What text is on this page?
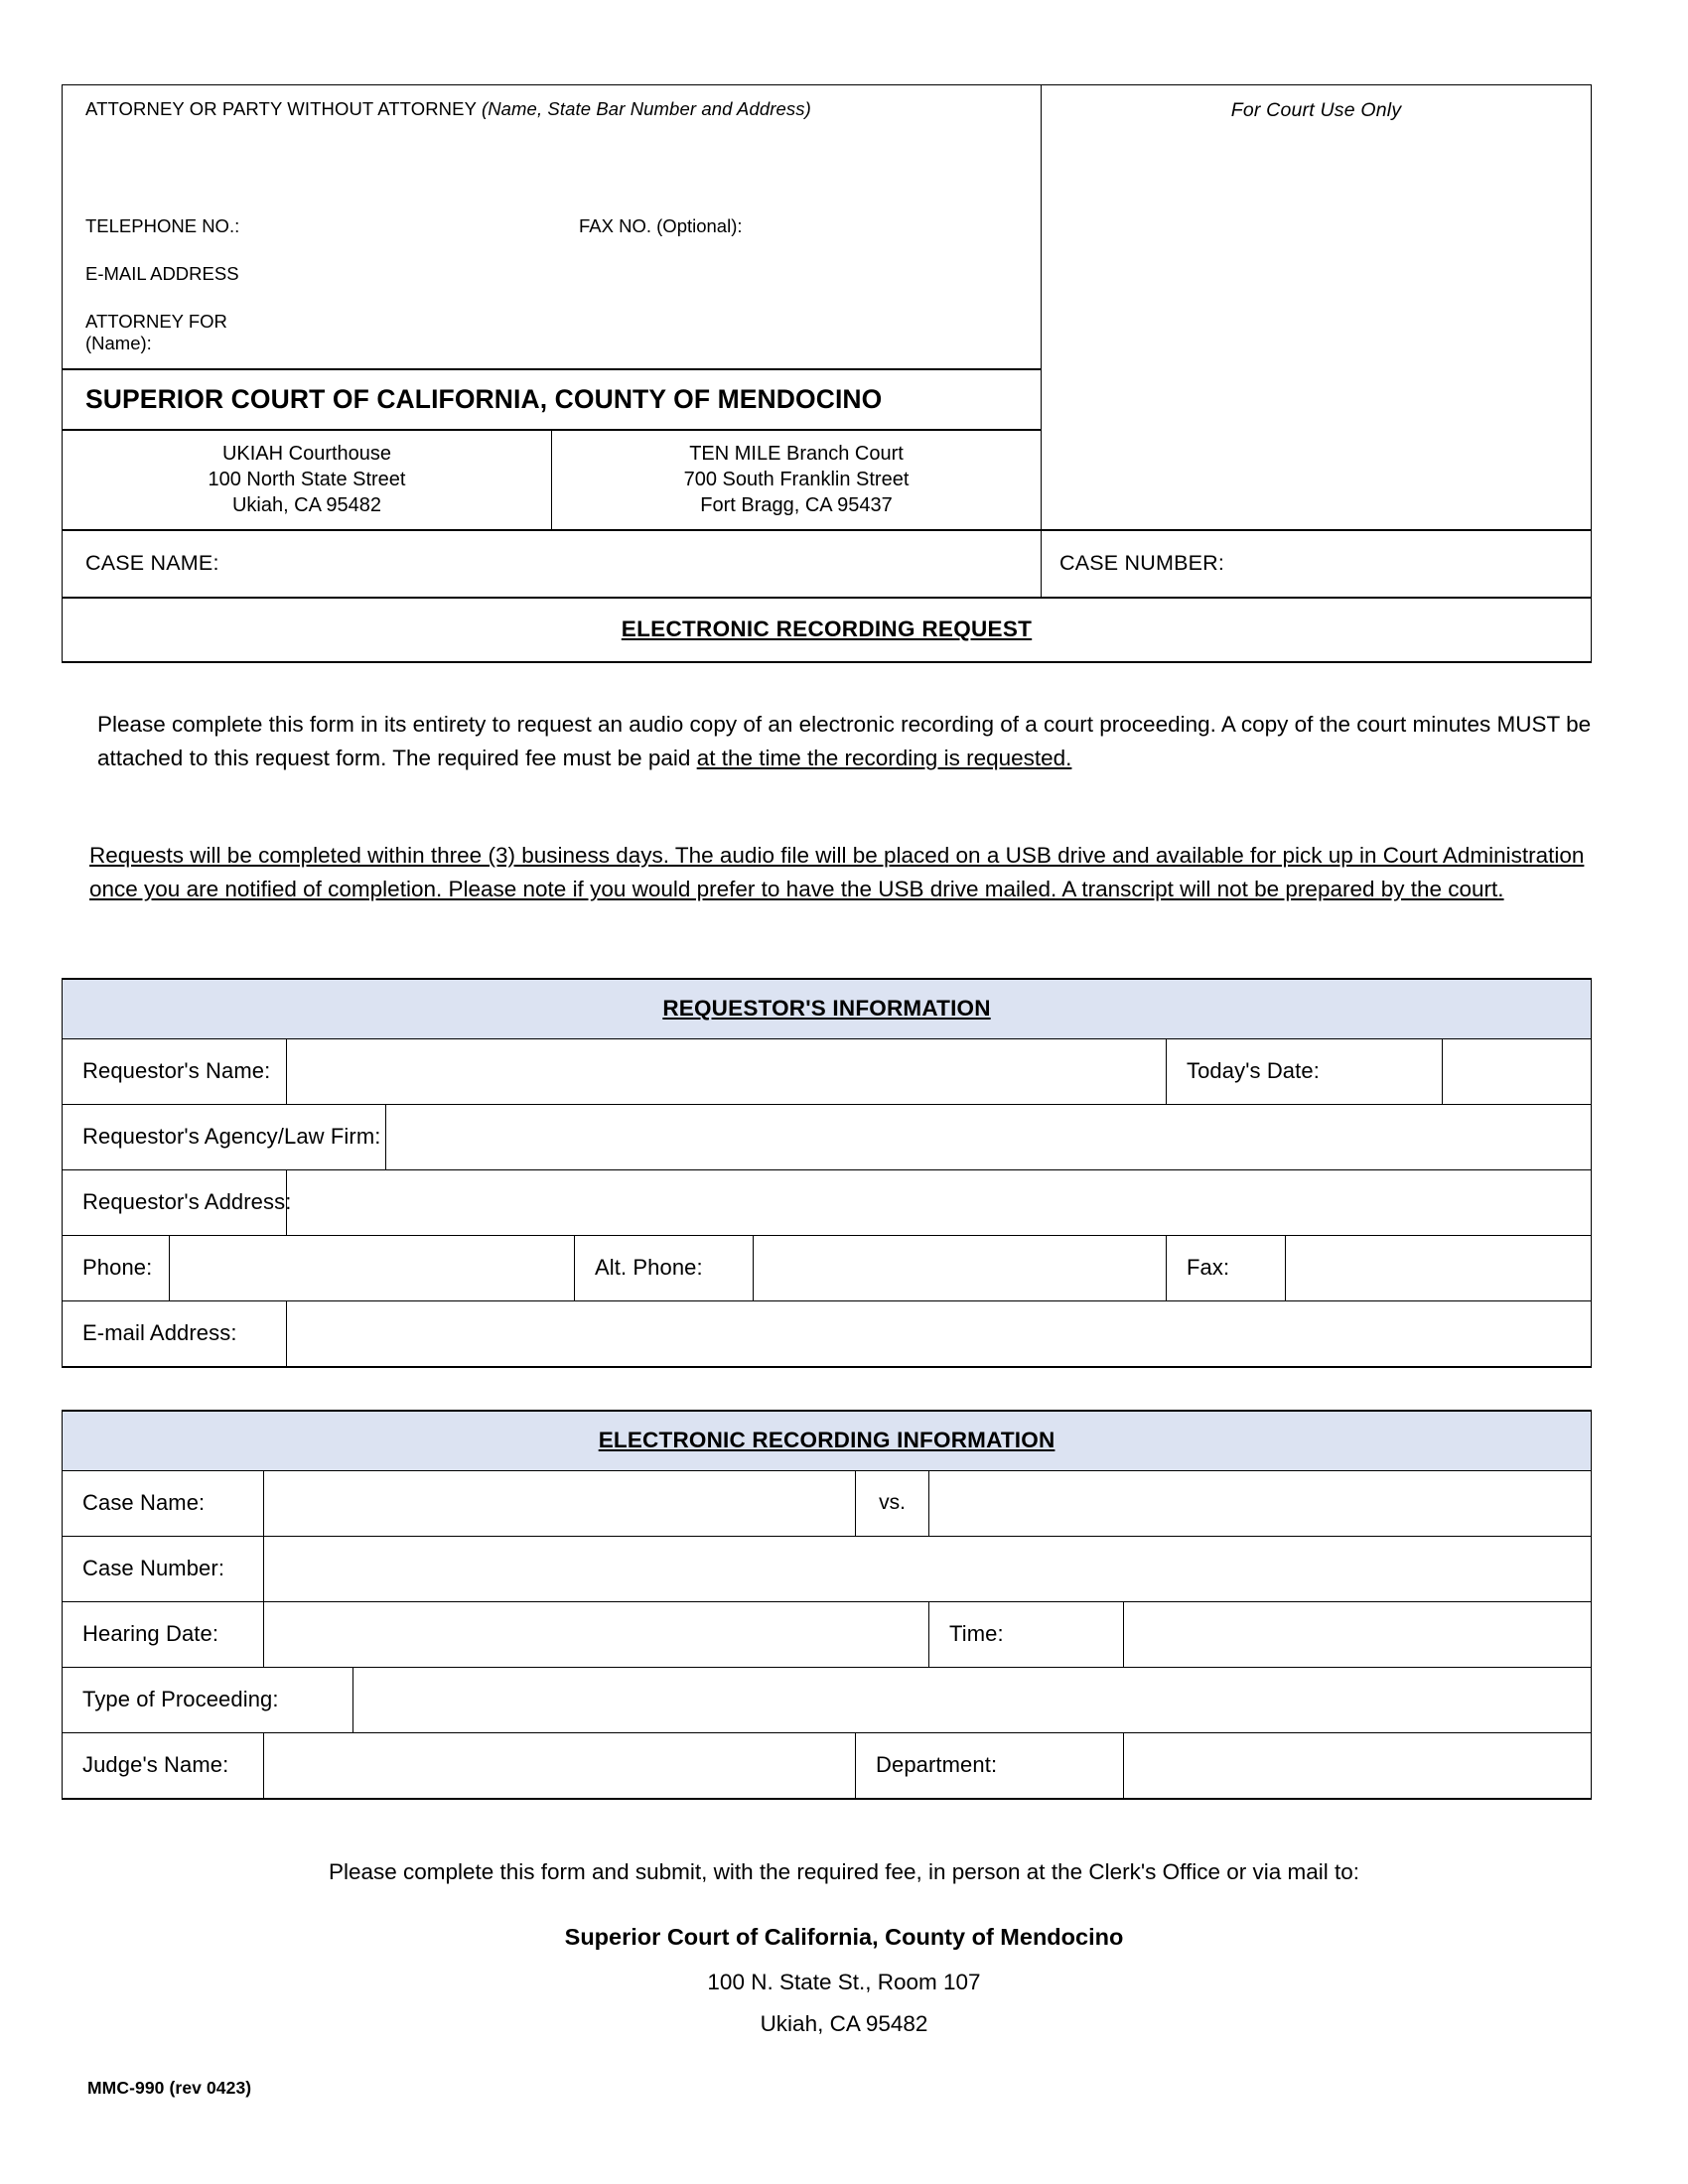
ATTORNEY OR PARTY WITHOUT ATTORNEY (Name, State Bar Number and Address)
TELEPHONE NO.:	FAX NO. (Optional):
E-MAIL ADDRESS
ATTORNEY FOR
(Name):

For Court Use Only

SUPERIOR COURT OF CALIFORNIA, COUNTY OF MENDOCINO

UKIAH Courthouse
100 North State Street
Ukiah, CA 95482

TEN MILE Branch Court
700 South Franklin Street
Fort Bragg, CA 95437

CASE NAME:	CASE NUMBER:
ELECTRONIC RECORDING REQUEST
Please complete this form in its entirety to request an audio copy of an electronic recording of a court proceeding. A copy of the court minutes MUST be attached to this request form. The required fee must be paid at the time the recording is requested.
Requests will be completed within three (3) business days. The audio file will be placed on a USB drive and available for pick up in Court Administration once you are notified of completion. Please note if you would prefer to have the USB drive mailed. A transcript will not be prepared by the court.
REQUESTOR'S INFORMATION								
Requestor's Name:						Today's Date:		
Requestor's Agency/Law Firm:								
Requestor's Address:								
Phone:				Alt. Phone:		Fax:		
E-mail Address:								
ELECTRONIC RECORDING INFORMATION					
Case Name:			vs.		
Case Number:					
Hearing Date:				Time:	
Type of Proceeding:					
Judge's Name:			Department:		
Please complete this form and submit, with the required fee, in person at the Clerk's Office or via mail to:
Superior Court of California, County of Mendocino
100 N. State St., Room 107
Ukiah, CA 95482
MMC-990 (rev 0423)
